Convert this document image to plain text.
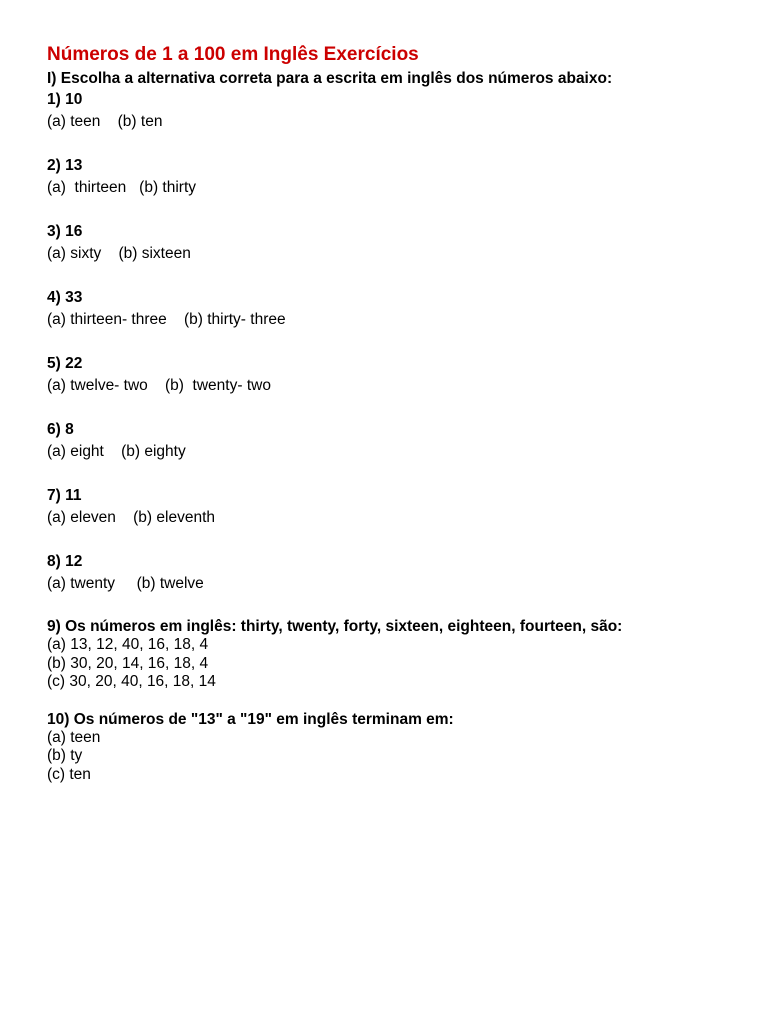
Números de 1 a 100 em Inglês Exercícios

I) Escolha a alternativa correta para a escrita em inglês dos números abaixo:

1) 10
(a) teen    (b) ten
2) 13
(a)  thirteen   (b) thirty
3) 16
(a) sixty    (b) sixteen
4) 33
(a) thirteen- three    (b) thirty- three
5) 22
(a) twelve- two    (b)  twenty- two
6) 8
(a) eight    (b) eighty
7) 11
(a) eleven    (b) eleventh
8) 12
(a) twenty     (b) twelve
9) Os números em inglês: thirty, twenty, forty, sixteen, eighteen, fourteen, são:
(a) 13, 12, 40, 16, 18, 4
(b) 30, 20, 14, 16, 18, 4
(c) 30, 20, 40, 16, 18, 14
10) Os números de "13" a "19" em inglês terminam em:
(a) teen
(b) ty
(c) ten
